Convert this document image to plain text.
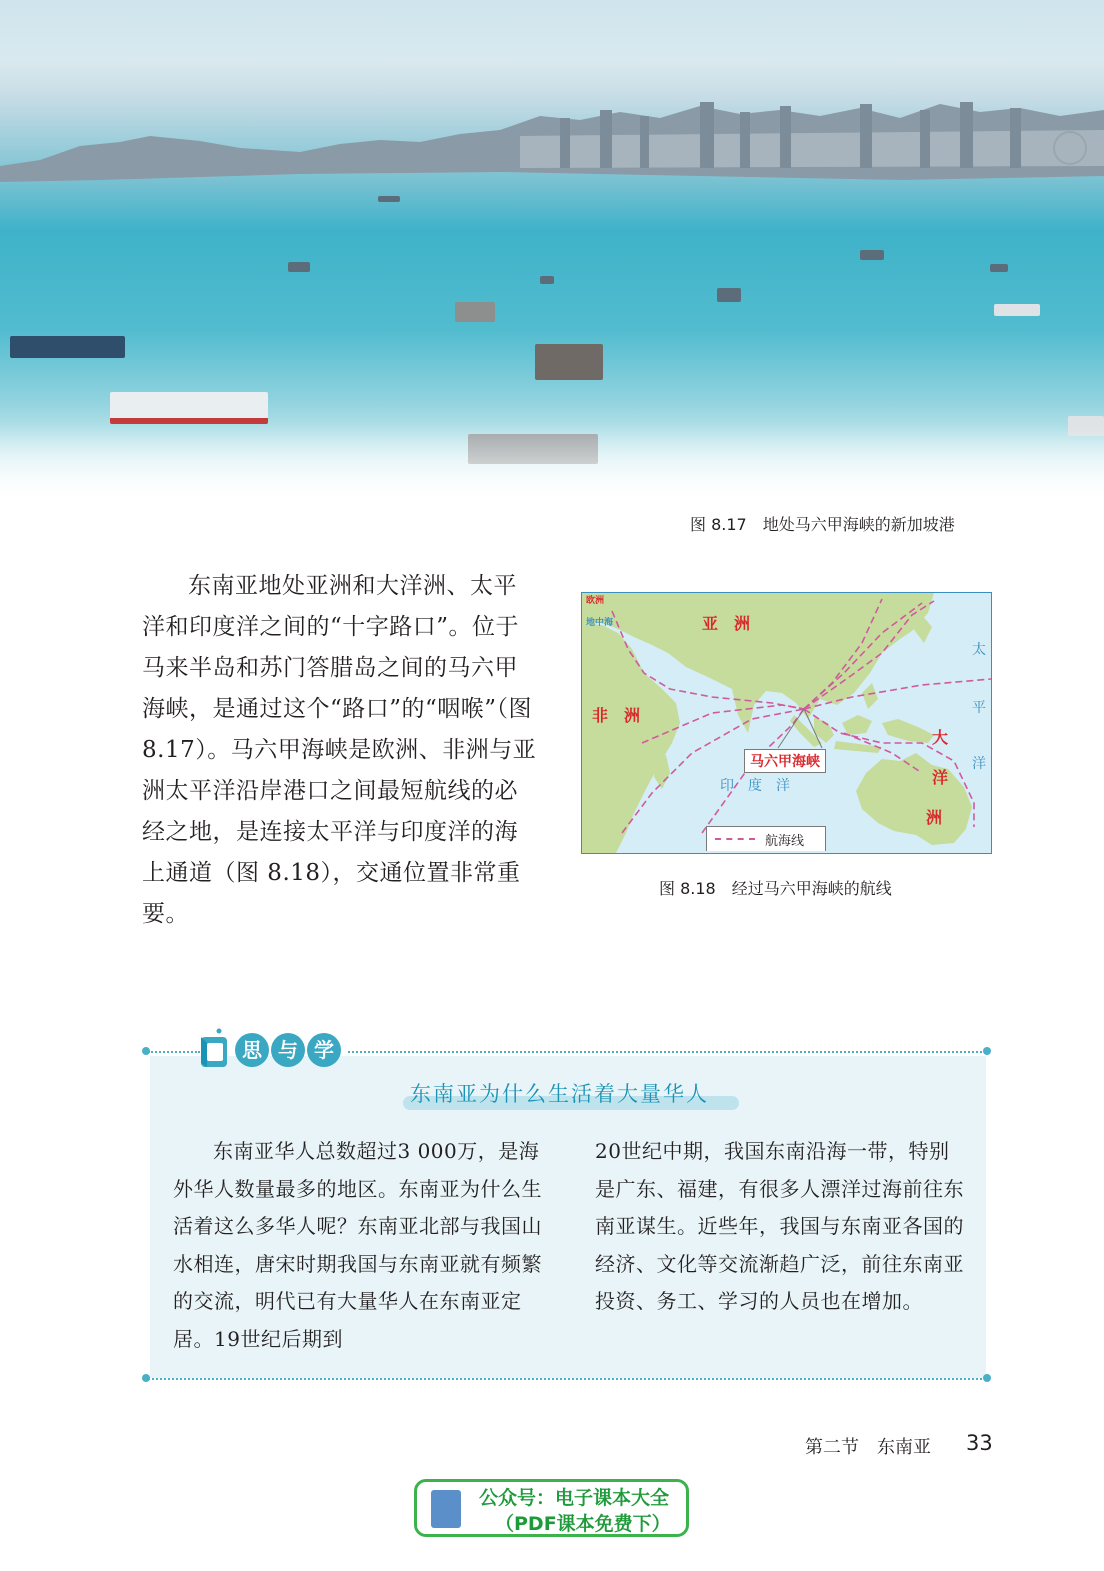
图 8.17　地处马六甲海峡的新加坡港

东南亚地处亚洲和大洋洲、太平洋和印度洋之间的“十字路口”。位于马来半岛和苏门答腊岛之间的马六甲海峡，是通过这个“路口”的“咽喉”（图 8.17）。马六甲海峡是欧洲、非洲与亚洲太平洋沿岸港口之间最短航线的必经之地，是连接太平洋与印度洋的海上通道（图 8.18），交通位置非常重要。

欧洲
地中海	亚　洲
非　洲
大
洋
洲
太
平
洋
印　度　洋
马六甲海峡
航海线
图 8.18　经过马六甲海峡的航线
思 与 学
东南亚为什么生活着大量华人

东南亚华人总数超过3 000万，是海外华人数量最多的地区。东南亚为什么生活着这么多华人呢？东南亚北部与我国山水相连，唐宋时期我国与东南亚就有频繁的交流，明代已有大量华人在东南亚定居。19世纪后期到

20世纪中期，我国东南沿海一带，特别是广东、福建，有很多人漂洋过海前往东南亚谋生。近些年，我国与东南亚各国的经济、文化等交流渐趋广泛，前往东南亚投资、务工、学习的人员也在增加。

第二节　东南亚 33
公众号：电子课本大全
（PDF课本免费下）
